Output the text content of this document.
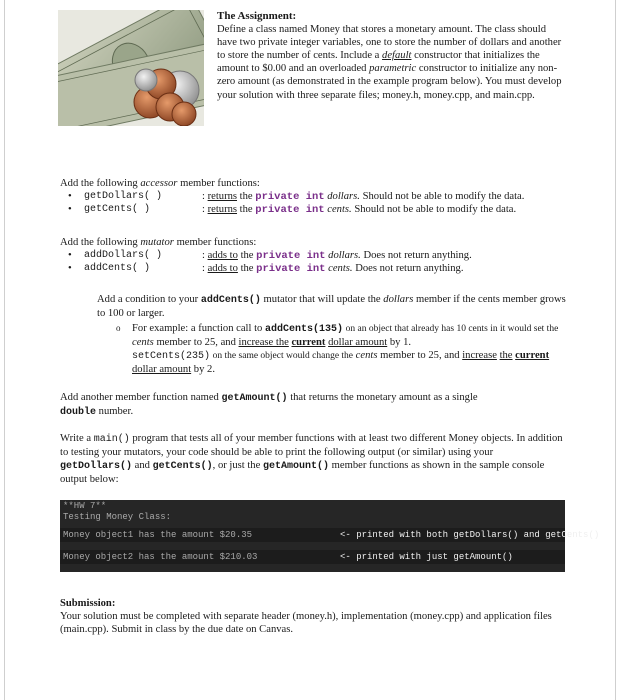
The Assignment:
Define a class named Money that stores a monetary amount. The class should have two private integer variables, one to store the number of dollars and another to store the number of cents. Include a default constructor that initializes the amount to $0.00 and an overloaded parametric constructor to initialize any non-zero amount (as demonstrated in the example program below). You must develop your solution with three separate files; money.h, money.cpp, and main.cpp.
Add the following accessor member functions:
• getDollars( )	: returns the private int dollars. Should not be able to modify the data.
• getCents( )	: returns the private int cents. Should not be able to modify the data.
Add the following mutator member functions:
• addDollars( )	: adds to the private int dollars. Does not return anything.
• addCents( )	: adds to the private int cents. Does not return anything.
Add a condition to your addCents() mutator that will update the dollars member if the cents member grows to 100 or larger.
o For example: a function call to addCents(135) on an object that already has 10 cents in it would set the cents member to 25, and increase the current dollar amount by 1.
setCents(235) on the same object would change the cents member to 25, and increase the current dollar amount by 2.
Add another member function named getAmount() that returns the monetary amount as a single
double number.
Write a main() program that tests all of your member functions with at least two different Money objects. In addition to testing your mutators, your code should be able to print the following output (or similar) using your getDollars() and getCents(), or just the getAmount() member functions as shown in the sample console output below:
**HW 7**
Testing Money Class:
Money object1 has the amount $20.35	<- printed with both getDollars() and getCents()
Money object2 has the amount $210.03	<- printed with just getAmount()
Submission:
Your solution must be completed with separate header (money.h), implementation (money.cpp) and application files (main.cpp). Submit in class by the due date on Canvas.
